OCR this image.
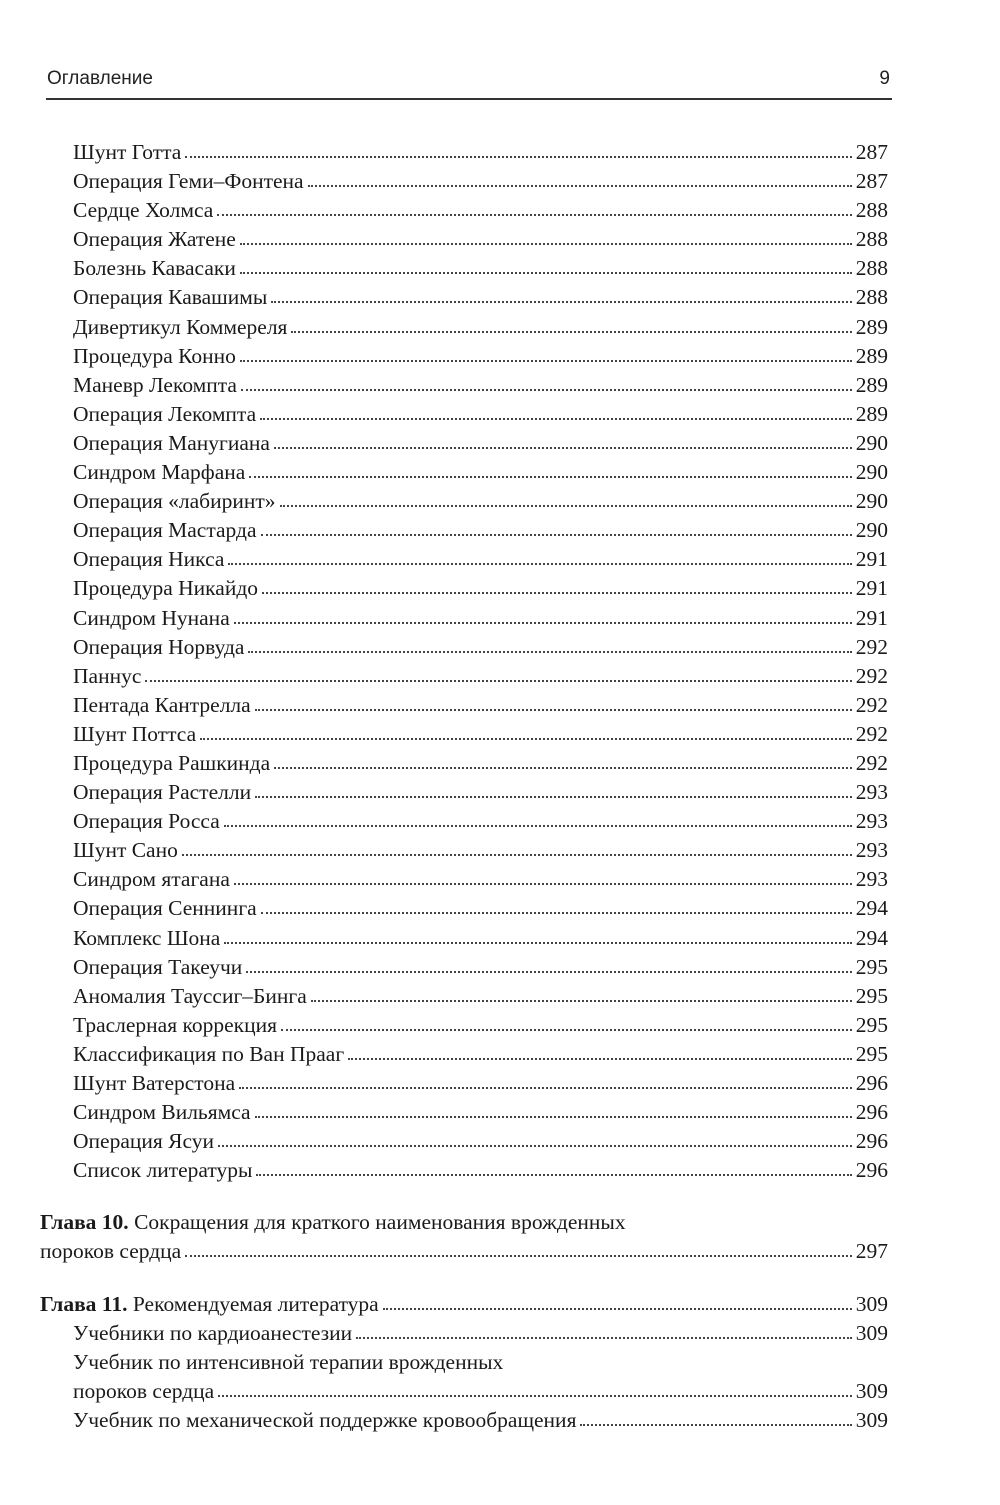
Оглавление	9
Шунт Готта	287
Операция Геми–Фонтена	287
Сердце Холмса	288
Операция Жатене	288
Болезнь Кавасаки	288
Операция Кавашимы	288
Дивертикул Коммереля	289
Процедура Конно	289
Маневр Лекомпта	289
Операция Лекомпта	289
Операция Манугиана	290
Синдром Марфана	290
Операция «лабиринт»	290
Операция Мастарда	290
Операция Никса	291
Процедура Никайдо	291
Синдром Нунана	291
Операция Норвуда	292
Паннус	292
Пентада Кантрелла	292
Шунт Поттса	292
Процедура Рашкинда	292
Операция Растелли	293
Операция Росса	293
Шунт Сано	293
Синдром ятагана	293
Операция Сеннинга	294
Комплекс Шона	294
Операция Такеучи	295
Аномалия Тауссиг–Бинга	295
Траслерная коррекция	295
Классификация по Ван Прааг	295
Шунт Ватерстона	296
Синдром Вильямса	296
Операция Ясуи	296
Список литературы	296
Глава 10. Сокращения для краткого наименования врожденных
пороков сердца	297
Глава 11. Рекомендуемая литература	309
Учебники по кардиоанестезии	309
Учебник по интенсивной терапии врожденных
пороков сердца	309
Учебник по механической поддержке кровообращения	309
